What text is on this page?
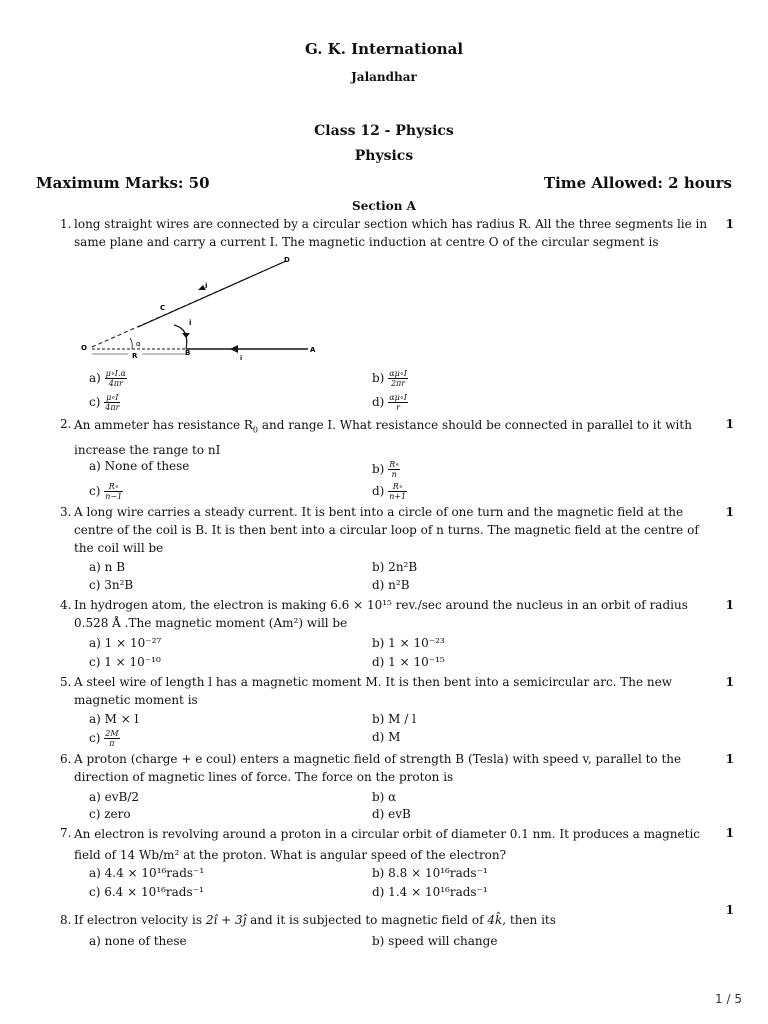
G. K. International
Jalandhar
Class 12 - Physics
Physics
Maximum Marks: 50	Time Allowed: 2 hours
Section A
1. long straight wires are connected by a circular section which has radius R. All the three segments lie in same plane and carry a current I. The magnetic induction at centre O of the circular segment is
1
D
i
C
i
O
B	A
i
R
α
$a) \frac{\mu\circ I.\alpha}{4\pi r}$	$b) \frac{\alpha\mu\circ I}{2\pi r}$
$c) \frac{\mu\circ I}{4\pi r}$	$d) \frac{\alpha\mu\circ I}{r}$
2. An ammeter has resistance $R_0$ and range I. What resistance should be connected in parallel to it with increase the range to nI
1
a) None of these	$b) \frac{R\circ}{n}$
$c) \frac{R\circ}{n-1}$	$d) \frac{R\circ}{n+1}$
3. A long wire carries a steady current. It is bent into a circle of one turn and the magnetic field at the centre of the coil is B. It is then bent into a circular loop of n turns. The magnetic field at the centre of the coil will be
1
a) n B	b) 2n²B
c) 3n²B	d) n²B
4. In hydrogen atom, the electron is making 6.6 × 10¹⁵ rev./sec around the nucleus in an orbit of radius 0.528 Å .The magnetic moment (Am²) will be
1
a) 1 × 10⁻²⁷	b) 1 × 10⁻²³
c) 1 × 10⁻¹⁰	d) 1 × 10⁻¹⁵
5. A steel wire of length l has a magnetic moment M. It is then bent into a semicircular arc. The new magnetic moment is
1
a) M × l	b) M / l
$c) \frac{2M}{\pi}$	d) M
6. A proton (charge + e coul) enters a magnetic field of strength B (Tesla) with speed v, parallel to the direction of magnetic lines of force. The force on the proton is
1
a) evB/2	b) α
c) zero	d) evB
7. An electron is revolving around a proton in a circular orbit of diameter 0.1 nm. It produces a magnetic field of 14 Wb/m² at the proton. What is angular speed of the electron?
1
a) 4.4 × 10¹⁶rads⁻¹	b) 8.8 × 10¹⁶rads⁻¹
c) 6.4 × 10¹⁶rads⁻¹	d) 1.4 × 10¹⁶rads⁻¹
8. If electron velocity is 2î + 3ĵ and it is subjected to magnetic field of 4k̂, then its
1
a) none of these	b) speed will change
1 / 5
